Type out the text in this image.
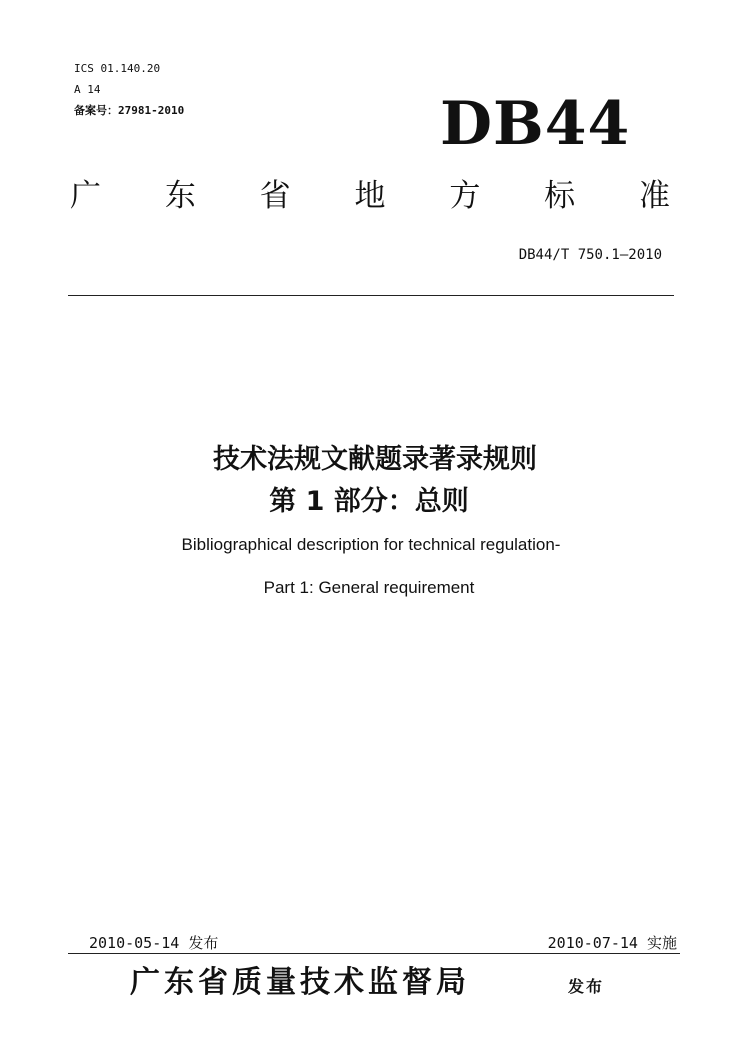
ICS 01.140.20
A 14
备案号：27981-2010	DB44
广 东 省 地 方 标 准
DB44/T 750.1—2010
技术法规文献题录著录规则
第 1 部分：总则
Bibliographical description for technical regulation-
Part 1: General requirement
2010-05-14 发布	2010-07-14 实施
广东省质量技术监督局	发布
